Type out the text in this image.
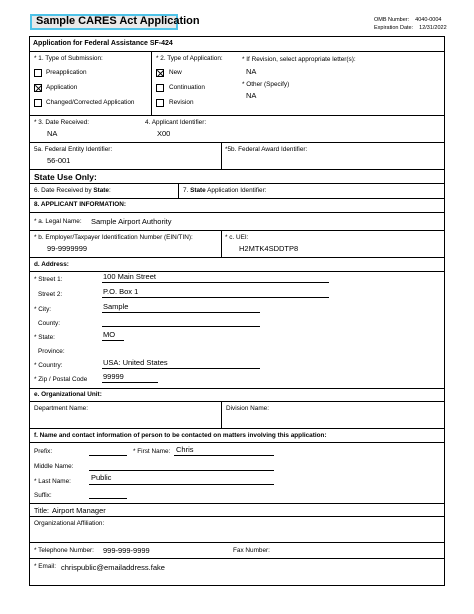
Sample CARES Act Application	OMB Number: 4040-0004
Expiration Date: 12/31/2022
Application for Federal Assistance SF-424
* 1. Type of Submission:
Preapplication
Application
Changed/Corrected Application
* 2. Type of Application:
New
Continuation
Revision
* If Revision, select appropriate letter(s):
NA
* Other (Specify)
NA
* 3. Date Received:
NA
4. Applicant Identifier:
X00
5a. Federal Entity Identifier:
56-001
*5b. Federal Award Identifier:
State Use Only:
6. Date Received by State:	7. State Application Identifier:
8. APPLICANT INFORMATION:
* a. Legal Name: Sample Airport Authority
* b. Employer/Taxpayer Identification Number (EIN/TIN):
99-9999999
* c. UEI:
H2MTK4SDDTP8
d. Address:
* Street 1:	100 Main Street
Street 2:	P.O. Box 1
* City:	Sample
County:
* State:	MO
Province:
* Country:	USA: United States
* Zip / Postal Code 99999
e. Organizational Unit:
Department Name:	Division Name:
f. Name and contact information of person to be contacted on matters involving this application:
Prefix:	* First Name: Chris
Middle Name:
* Last Name:	Public
Suffix:
Title: Airport Manager
Organizational Affiliation:
* Telephone Number: 999-999-9999	Fax Number:
* Email: chrispublic@emailaddress.fake
